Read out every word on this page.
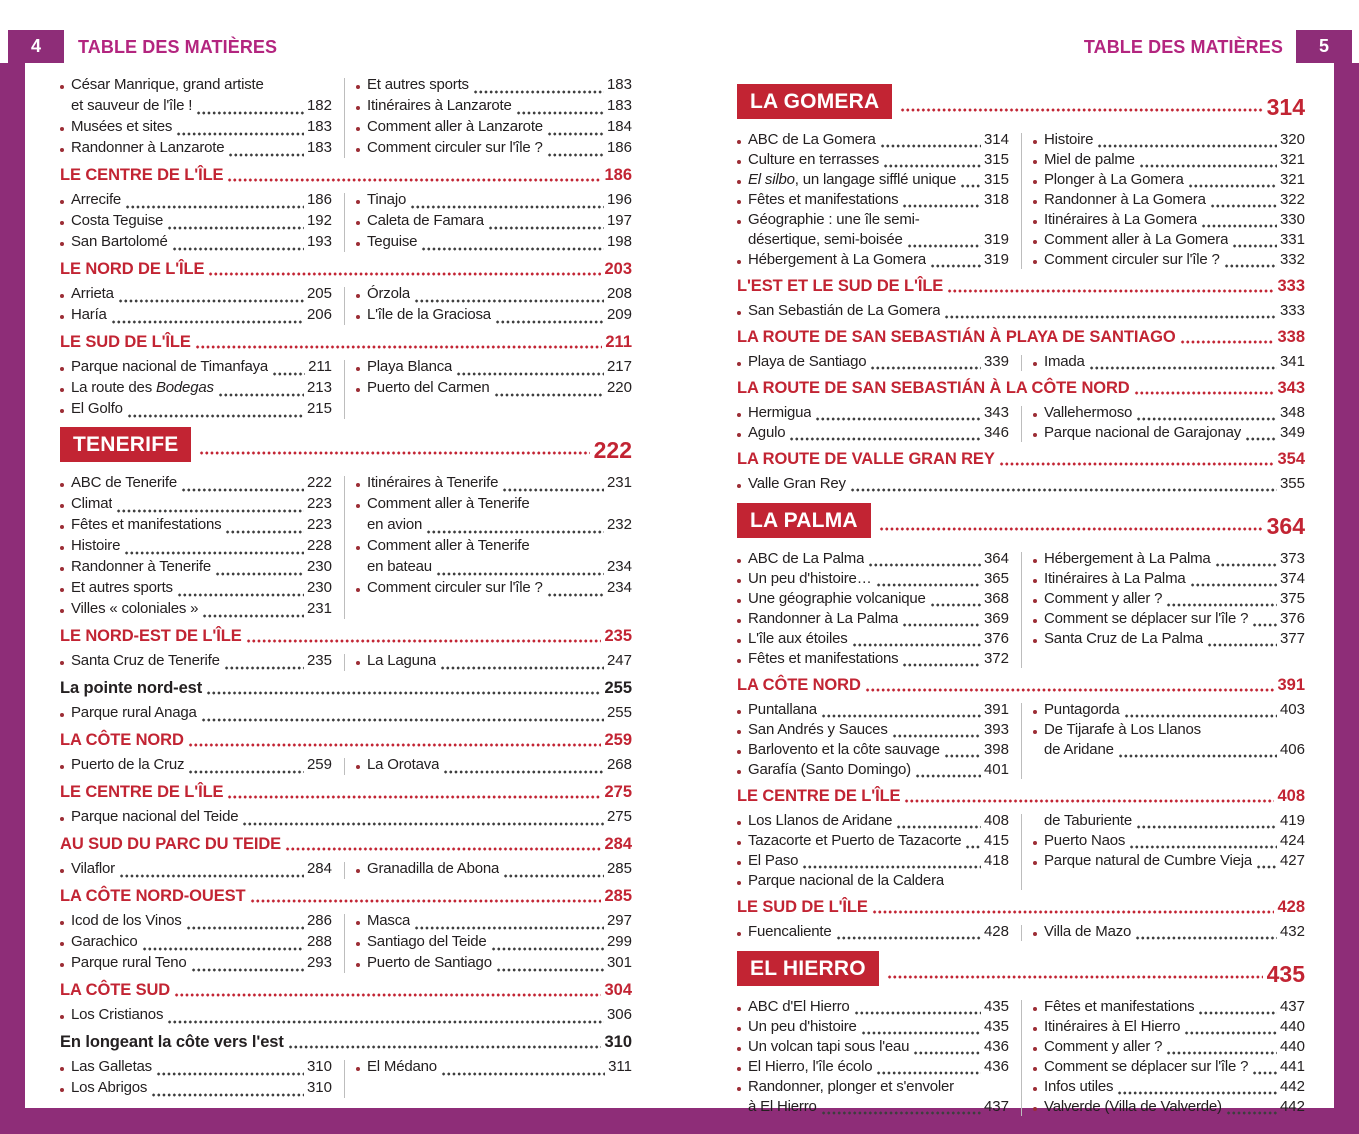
4	TABLE DES MATIÈRES	TABLE DES MATIÈRES	5
César Manrique, grand artiste
et sauveur de l'île !	182
Musées et sites	183
Randonner à Lanzarote	183
Et autres sports	183
Itinéraires à Lanzarote	183
Comment aller à Lanzarote	184
Comment circuler sur l'île ?	186
LE CENTRE DE L'ÎLE	186
Arrecife	186
Costa Teguise	192
San Bartolomé	193
Tinajo	196
Caleta de Famara	197
Teguise	198
LE NORD DE L'ÎLE	203
Arrieta	205
Haría	206
Órzola	208
L'île de la Graciosa	209
LE SUD DE L'ÎLE	211
Parque nacional de Timanfaya	211
La route des Bodegas	213
El Golfo	215
Playa Blanca	217
Puerto del Carmen	220
TENERIFE	222
ABC de Tenerife	222
Climat	223
Fêtes et manifestations	223
Histoire	228
Randonner à Tenerife	230
Et autres sports	230
Villes « coloniales »	231
Itinéraires à Tenerife	231
Comment aller à Tenerife
en avion	232
Comment aller à Tenerife
en bateau	234
Comment circuler sur l'île ?	234
LE NORD-EST DE L'ÎLE	235
Santa Cruz de Tenerife	235 La Laguna	247
La pointe nord-est	255
Parque rural Anaga	255
LA CÔTE NORD	259
Puerto de la Cruz	259 La Orotava	268
LE CENTRE DE L'ÎLE	275
Parque nacional del Teide	275
AU SUD DU PARC DU TEIDE	284
Vilaflor	284 Granadilla de Abona	285
LA CÔTE NORD-OUEST	285
Icod de los Vinos	286
Garachico	288
Parque rural Teno	293
Masca	297
Santiago del Teide	299
Puerto de Santiago	301
LA CÔTE SUD	304
Los Cristianos	306
En longeant la côte vers l'est	310
Las Galletas	310
Los Abrigos	310
El Médano	311
LA GOMERA	314
ABC de La Gomera	314
Culture en terrasses	315
El silbo, un langage sifflé unique 315
Fêtes et manifestations	318
Géographie : une île semi-
désertique, semi-boisée	319
Hébergement à La Gomera	319
Histoire	320
Miel de palme	321
Plonger à La Gomera	321
Randonner à La Gomera	322
Itinéraires à La Gomera	330
Comment aller à La Gomera	331
Comment circuler sur l'île ?	332
L'EST ET LE SUD DE L'ÎLE	333
San Sebastián de La Gomera	333
LA ROUTE DE SAN SEBASTIÁN À PLAYA DE SANTIAGO	338
Playa de Santiago	339 Imada	341
LA ROUTE DE SAN SEBASTIÁN À LA CÔTE NORD	343
Hermigua	343
Agulo	346
Vallehermoso	348
Parque nacional de Garajonay	349
LA ROUTE DE VALLE GRAN REY	354
Valle Gran Rey	355
LA PALMA	364
ABC de La Palma	364
Un peu d'histoire…	365
Une géographie volcanique	368
Randonner à La Palma	369
L'île aux étoiles	376
Fêtes et manifestations	372
Hébergement à La Palma	373
Itinéraires à La Palma	374
Comment y aller ?	375
Comment se déplacer sur l'île ? 376
Santa Cruz de La Palma	377
LA CÔTE NORD	391
Puntallana	391
San Andrés y Sauces	393
Barlovento et la côte sauvage	398
Garafía (Santo Domingo)	401
Puntagorda	403
De Tijarafe à Los Llanos
de Aridane	406
LE CENTRE DE L'ÎLE	408
Los Llanos de Aridane	408
Tazacorte et Puerto de Tazacorte 415
El Paso	418
Parque nacional de la Caldera
de Taburiente	419
Puerto Naos	424
Parque natural de Cumbre Vieja 427
LE SUD DE L'ÎLE	428
Fuencaliente	428 Villa de Mazo	432
EL HIERRO	435
ABC d'El Hierro	435
Un peu d'histoire	435
Un volcan tapi sous l'eau	436
El Hierro, l'île écolo	436
Randonner, plonger et s'envoler
à El Hierro	437
Fêtes et manifestations	437
Itinéraires à El Hierro	440
Comment y aller ?	440
Comment se déplacer sur l'île ? 441
Infos utiles	442
Valverde (Villa de Valverde)	442
